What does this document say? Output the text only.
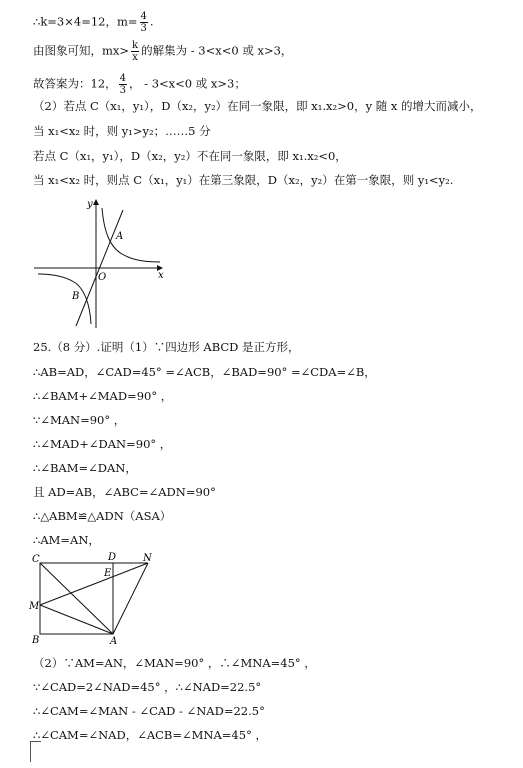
∴k=3×4=12，$m= \frac{4}{3}$ .
由图象可知，$mx> \frac{k}{x}$ 的解集为 - 3<x<0 或 x>3，
故答案为：12， $\frac{4}{3}$ ， - 3<x<0 或 x>3；
（2）若点 C（x₁，y₁），D（x₂，y₂）在同一象限，即 x₁.x₂>0，y 随 x 的增大而减小，
当 x₁<x₂ 时，则 y₁>y₂；……5 分
若点 C（x₁，y₁），D（x₂，y₂）不在同一象限，即 x₁.x₂<0，
当 x₁<x₂ 时，则点 C（x₁，y₁）在第三象限，D（x₂，y₂）在第一象限，则 y₁<y₂.
y
x
O
A
B
25.（8 分）.证明（1）∵四边形 ABCD 是正方形，
∴AB=AD，∠CAD=45° =∠ACB，∠BAD=90° =∠CDA=∠B，
∴∠BAM+∠MAD=90° ，
∵∠MAN=90° ，
∴∠MAD+∠DAN=90° ，
∴∠BAM=∠DAN，
且 AD=AB，∠ABC=∠ADN=90°
∴△ABM≌△ADN（ASA）
∴AM=AN，
C	D	N
E
M
B	A
（2）∵AM=AN，∠MAN=90° ，∴∠MNA=45° ，
∵∠CAD=2∠NAD=45° ，∴∠NAD=22.5°
∴∠CAM=∠MAN - ∠CAD - ∠NAD=22.5°
∴∠CAM=∠NAD，∠ACB=∠MNA=45° ，
